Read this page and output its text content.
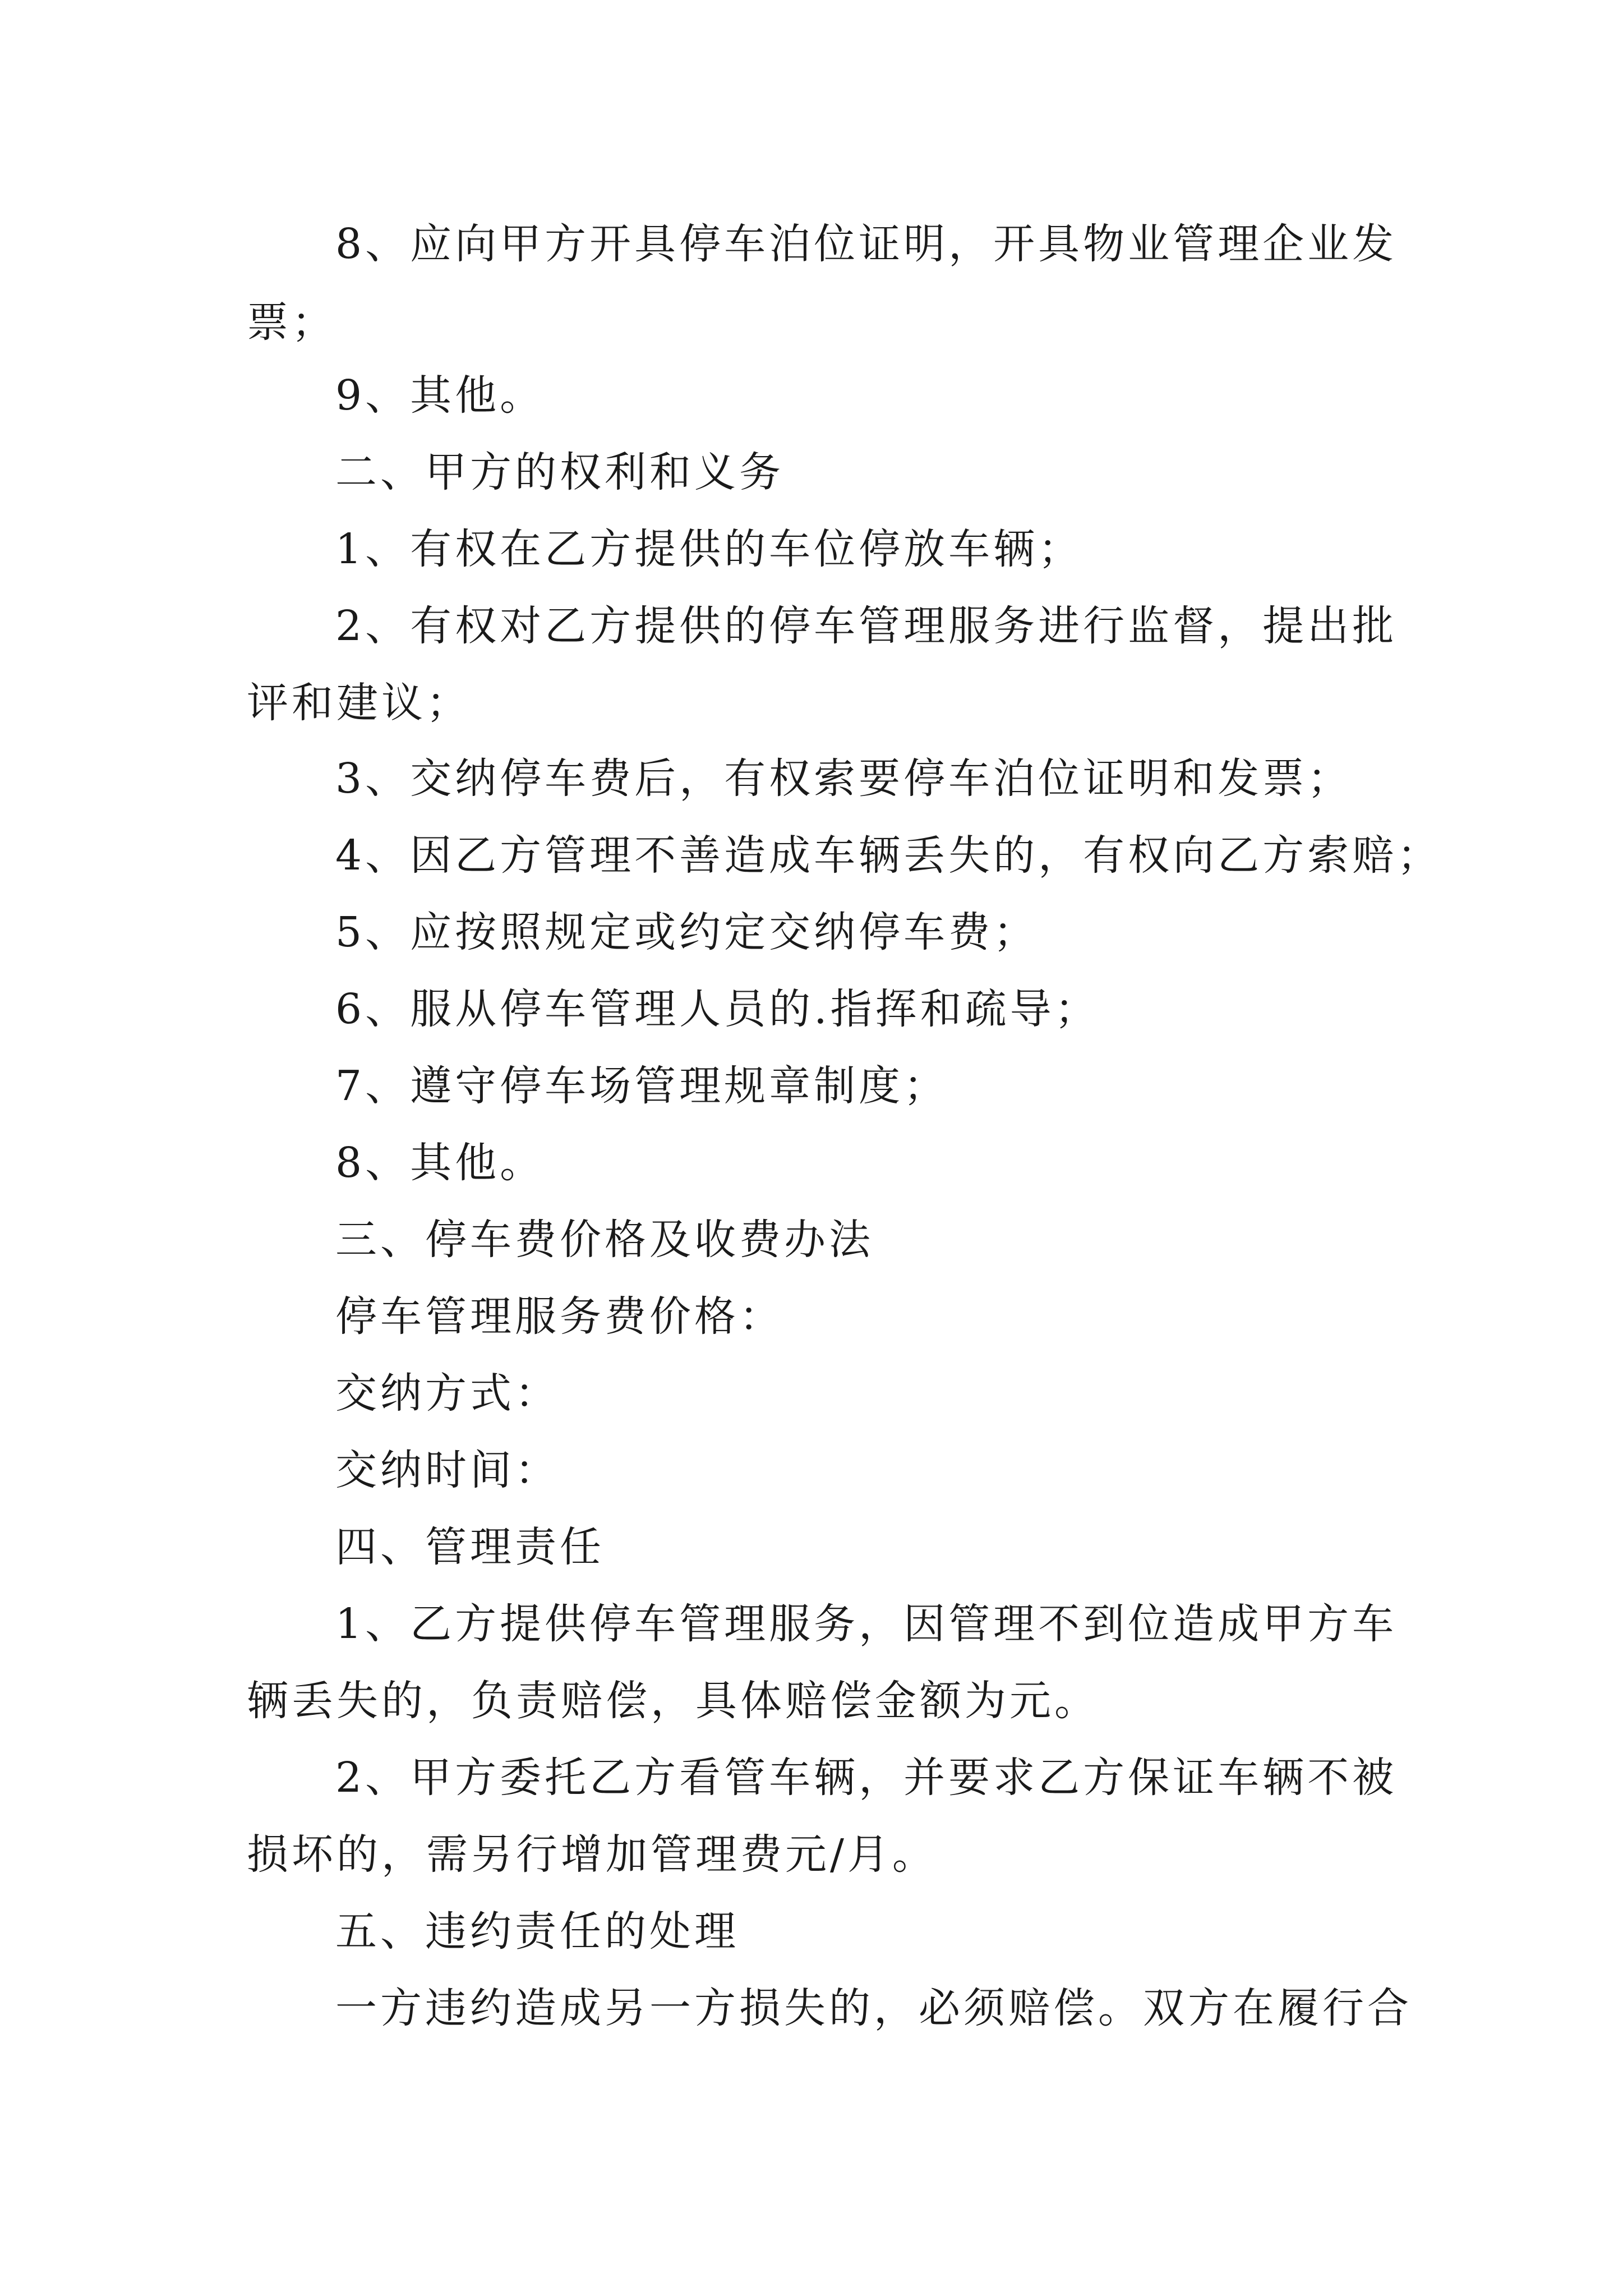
8、应向甲方开具停车泊位证明，开具物业管理企业发
票；
9、其他。
二、甲方的权利和义务
1、有权在乙方提供的车位停放车辆；
2、有权对乙方提供的停车管理服务进行监督，提出批
评和建议；
3、交纳停车费后，有权索要停车泊位证明和发票；
4、因乙方管理不善造成车辆丢失的，有权向乙方索赔；
5、应按照规定或约定交纳停车费；
6、服从停车管理人员的.指挥和疏导；
7、遵守停车场管理规章制度；
8、其他。
三、停车费价格及收费办法
停车管理服务费价格：
交纳方式：
交纳时间：
四、管理责任
1、乙方提供停车管理服务，因管理不到位造成甲方车
辆丢失的，负责赔偿，具体赔偿金额为元。
2、甲方委托乙方看管车辆，并要求乙方保证车辆不被
损坏的，需另行增加管理费元/月。
五、违约责任的处理
一方违约造成另一方损失的，必须赔偿。双方在履行合
